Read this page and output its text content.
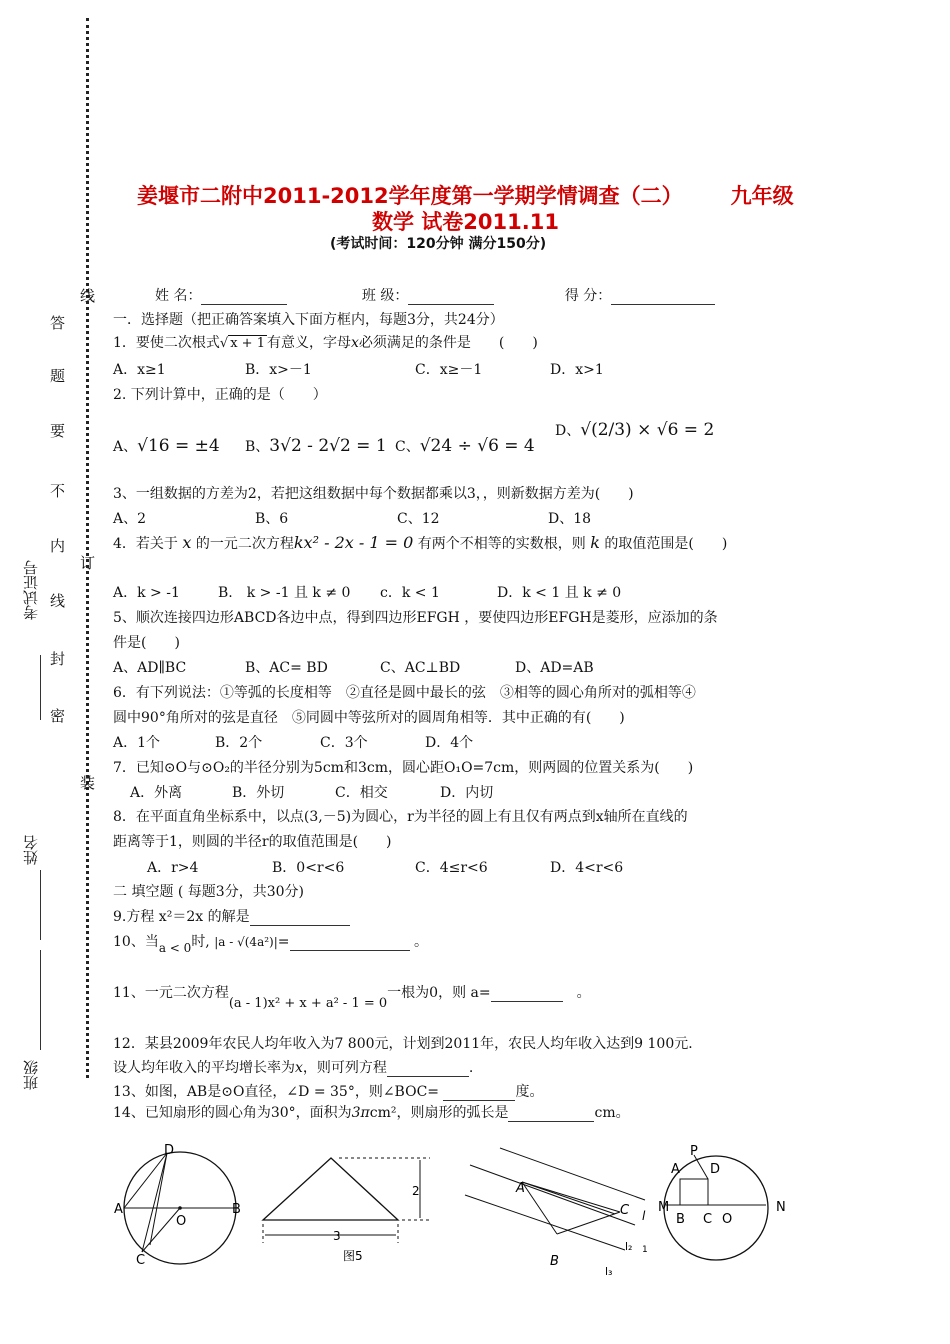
线
答
题
要
不
内
订
线
封
密
装
考试证号
姓名
班级
姜堰市二附中2011-2012学年度第一学期学情调查（二） 九年级
数学 试卷2011.11
(考试时间：120分钟 满分150分)
姓 名：	班 级：	得 分：
一．选择题（把正确答案填入下面方框内，每题3分，共24分）
1．要使二次根式√ x + 1 有意义，字母x必须满足的条件是　　(　　)
A．x≥1	B．x>－1	C．x≥－1	D．x>1
2. 下列计算中，正确的是（　　）
A、√16 = ±4 B、3√2 - 2√2 = 1 C、√24 ÷ √6 = 4
D、√(2/3) × √6 = 2
3、一组数据的方差为2，若把这组数据中每个数据都乘以3，，则新数据方差为(　　)
A、2	B、6	C、12	D、18
4．若关于 x 的一元二次方程kx² - 2x - 1 = 0 有两个不相等的实数根，则 k 的取值范围是(　　)
A．k > -1	B.　k > -1 且 k ≠ 0 c．k < 1	D．k < 1 且 k ≠ 0
5、顺次连接四边形ABCD各边中点，得到四边形EFGH ，要使四边形EFGH是菱形，应添加的条
件是(　　)
A、AD∥BC	B、AC= BD	C、AC⊥BD	D、AD=AB
6．有下列说法：①等弧的长度相等　②直径是圆中最长的弦　③相等的圆心角所对的弧相等④
圆中90°角所对的弦是直径　⑤同圆中等弦所对的圆周角相等．其中正确的有(　　)
A．1个	B．2个	C．3个	D．4个
7．已知⊙O与⊙O₂的半径分别为5cm和3cm，圆心距O₁O=7cm，则两圆的位置关系为(　　)
A．外离	B．外切	C．相交	D．内切
8．在平面直角坐标系中，以点(3,－5)为圆心，r为半径的圆上有且仅有两点到x轴所在直线的
距离等于1，则圆的半径r的取值范围是(　　)
A．r>4	B．0<r<6	C．4≤r<6	D．4<r<6
二 填空题 ( 每题3分，共30分)
9.方程 x²＝2x 的解是
10、当a < 0时, |a - √(4a²)|=	。
11、一元二次方程(a - 1)x² + x + a² - 1 = 0一根为0，则 a=　	。
12．某县2009年农民人均年收入为7 800元，计划到2011年，农民人均年收入达到9 100元．
设人均年收入的平均增长率为x，则可列方程	.
13、如图，AB是⊙O直径，∠D = 35°，则∠BOC=	度。
14、已知扇形的圆心角为30°，面积为3πcm²，则扇形的弧长是	cm。
D
A
O
B
C
2
3
图5
A
C l
B
l₂ 1
l₃
P
A D
M
B C O
N
